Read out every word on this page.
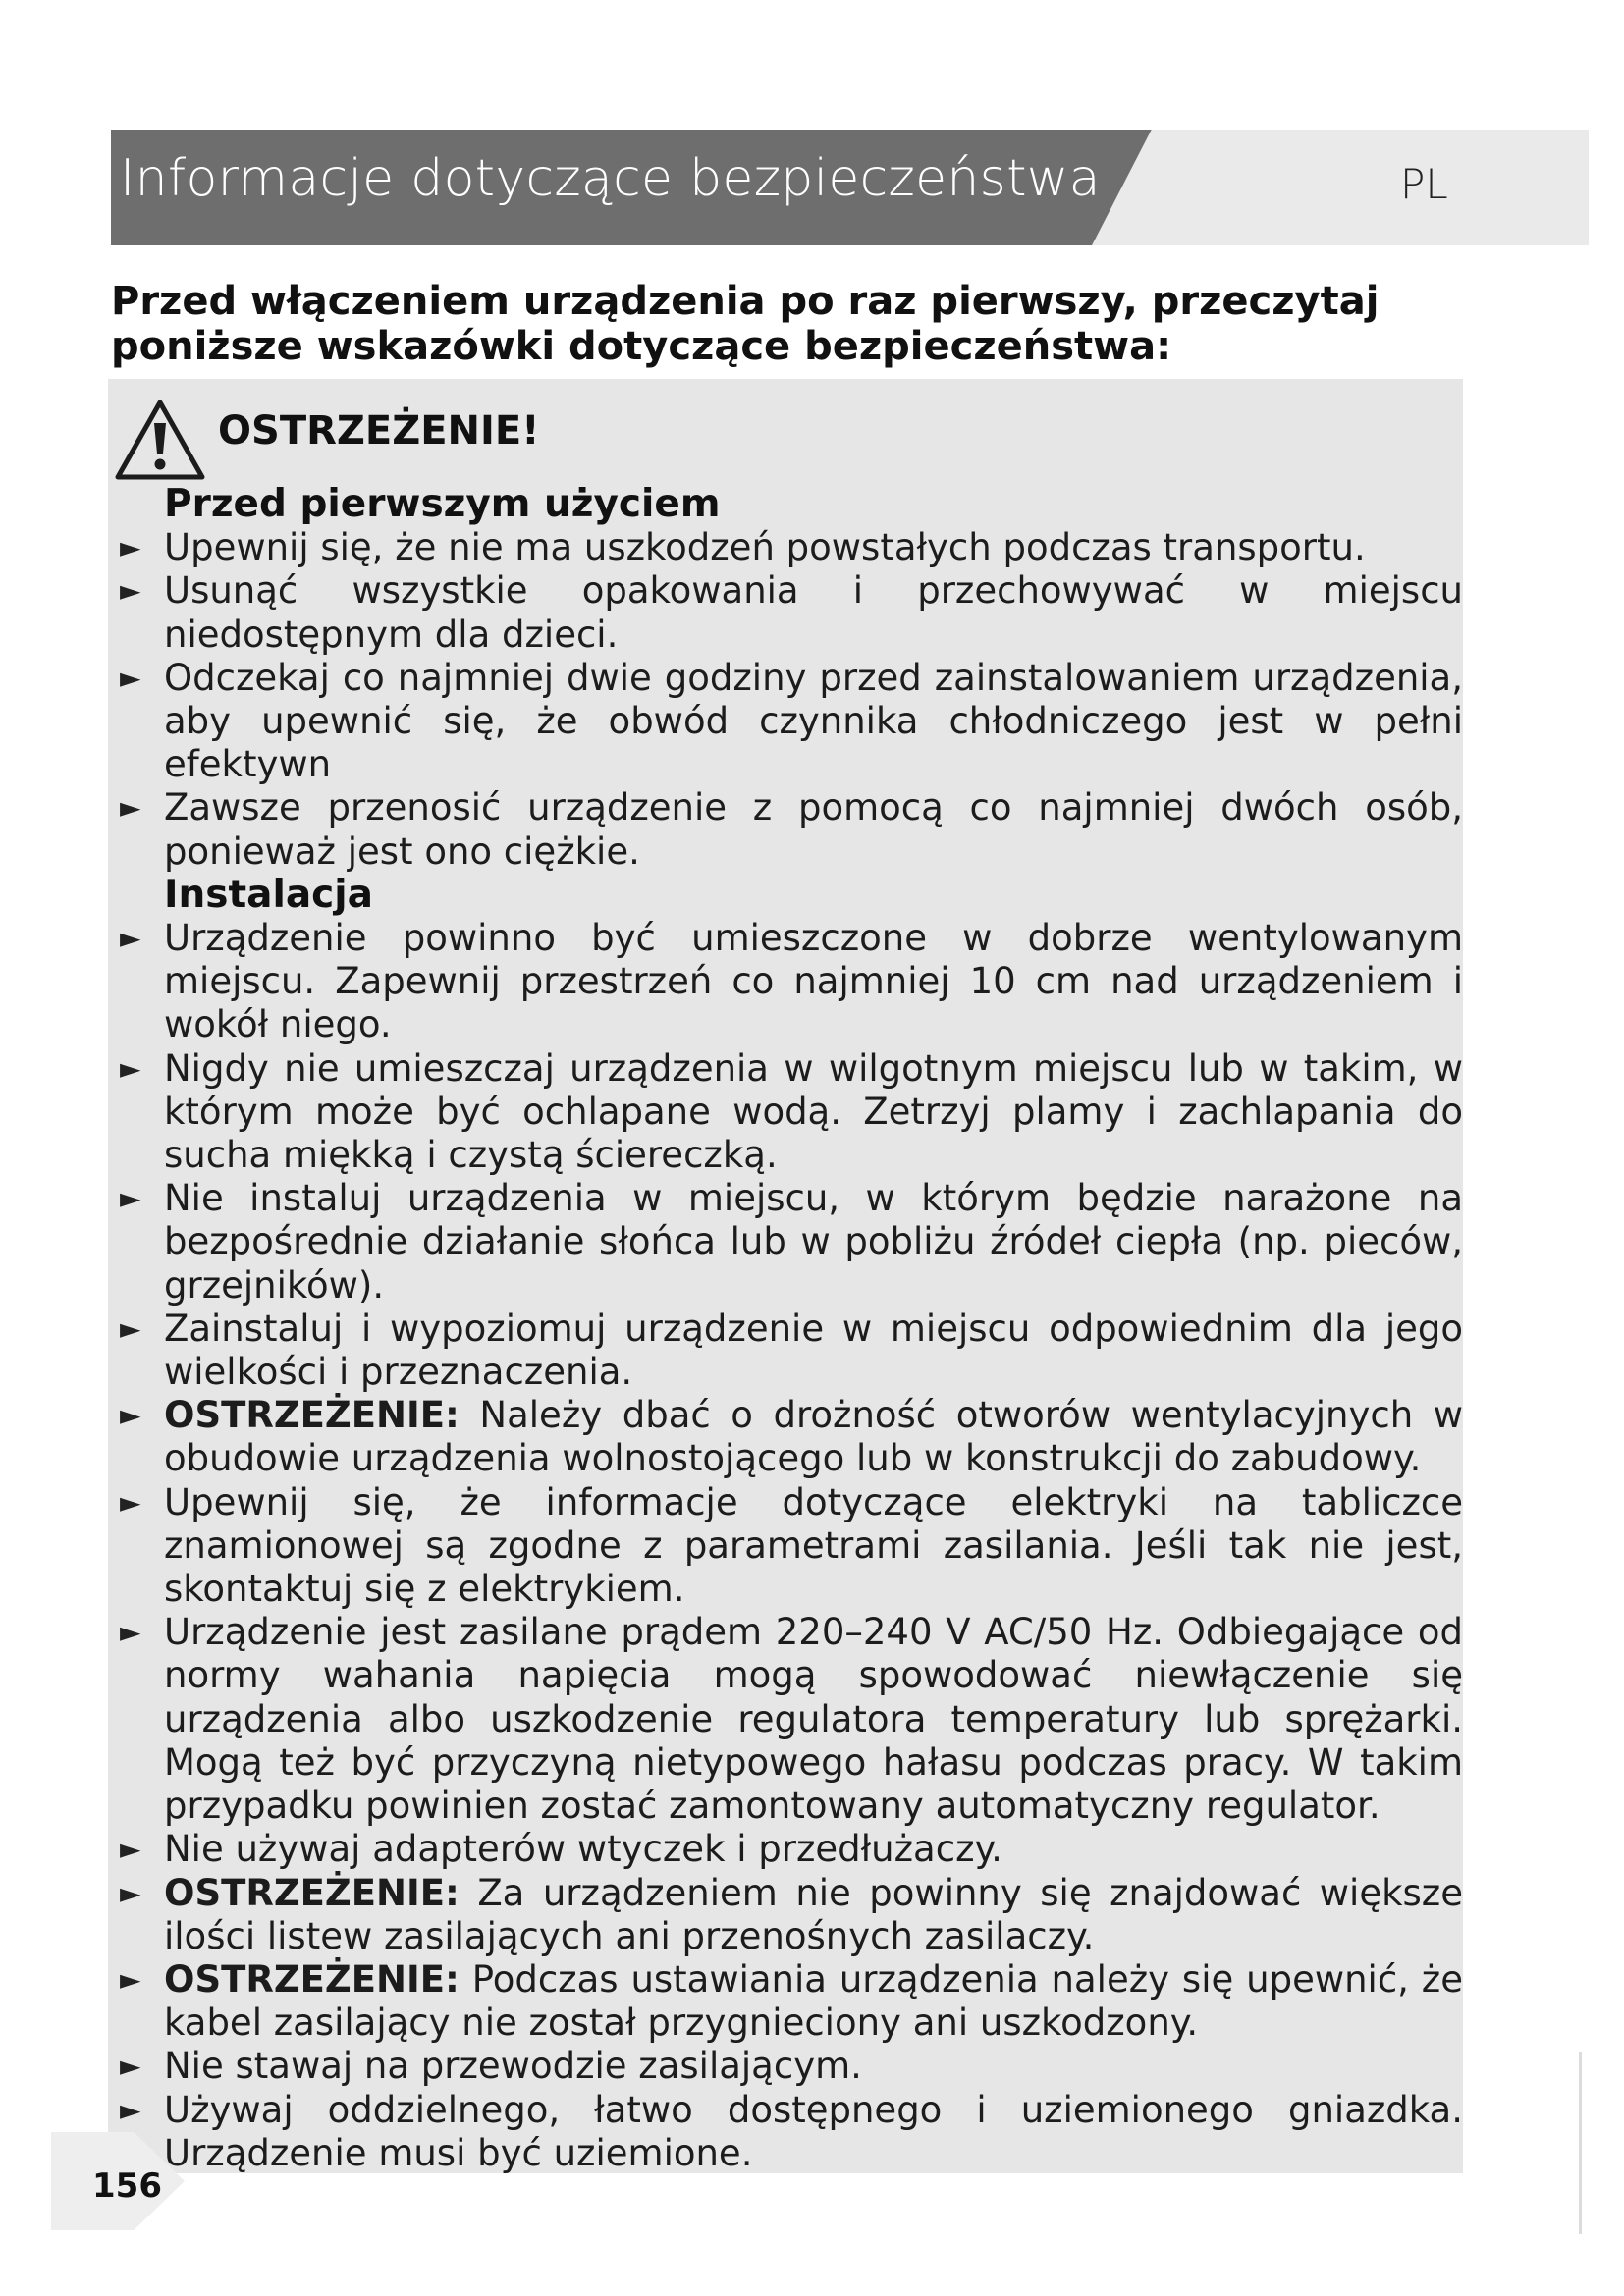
Informacje dotyczące bezpieczeństwa	PL
Przed włączeniem urządzenia po raz pierwszy, przeczytaj poniższe wskazówki dotyczące bezpieczeństwa:
OSTRZEŻENIE!
Przed pierwszym użyciem
► Upewnij się, że nie ma uszkodzeń powstałych podczas transportu.
► Usunąć wszystkie opakowania i przechowywać w miejscu niedostępnym dla dzieci.
► Odczekaj co najmniej dwie godziny przed zainstalowaniem urządzenia, aby upewnić się, że obwód czynnika chłodniczego jest w pełni efektywn
► Zawsze przenosić urządzenie z pomocą co najmniej dwóch osób, ponieważ jest ono ciężkie.
Instalacja
► Urządzenie powinno być umieszczone w dobrze wentylowanym miejscu. Zapewnij przestrzeń co najmniej 10 cm nad urządzeniem i wokół niego.
► Nigdy nie umieszczaj urządzenia w wilgotnym miejscu lub w takim, w którym może być ochlapane wodą. Zetrzyj plamy i zachlapania do sucha miękką i czystą ściereczką.
► Nie instaluj urządzenia w miejscu, w którym będzie narażone na bezpośrednie działanie słońca lub w pobliżu źródeł ciepła (np. pieców, grzejników).
► Zainstaluj i wypoziomuj urządzenie w miejscu odpowiednim dla jego wielkości i przeznaczenia.
► OSTRZEŻENIE: Należy dbać o drożność otworów wentylacyjnych w obudowie urządzenia wolnostojącego lub w konstrukcji do zabudowy.
► Upewnij się, że informacje dotyczące elektryki na tabliczce znamionowej są zgodne z parametrami zasilania. Jeśli tak nie jest, skontaktuj się z elektrykiem.
► Urządzenie jest zasilane prądem 220–240 V AC/50 Hz. Odbiegające od normy wahania napięcia mogą spowodować niewłączenie się urządzenia albo uszkodzenie regulatora temperatury lub sprężarki. Mogą też być przyczyną nietypowego hałasu podczas pracy. W takim przypadku powinien zostać zamontowany automatyczny regulator.
► Nie używaj adapterów wtyczek i przedłużaczy.
► OSTRZEŻENIE: Za urządzeniem nie powinny się znajdować większe ilości listew zasilających ani przenośnych zasilaczy.
► OSTRZEŻENIE: Podczas ustawiania urządzenia należy się upewnić, że kabel zasilający nie został przygnieciony ani uszkodzony.
► Nie stawaj na przewodzie zasilającym.
► Używaj oddzielnego, łatwo dostępnego i uziemionego gniazdka. Urządzenie musi być uziemione.
156
